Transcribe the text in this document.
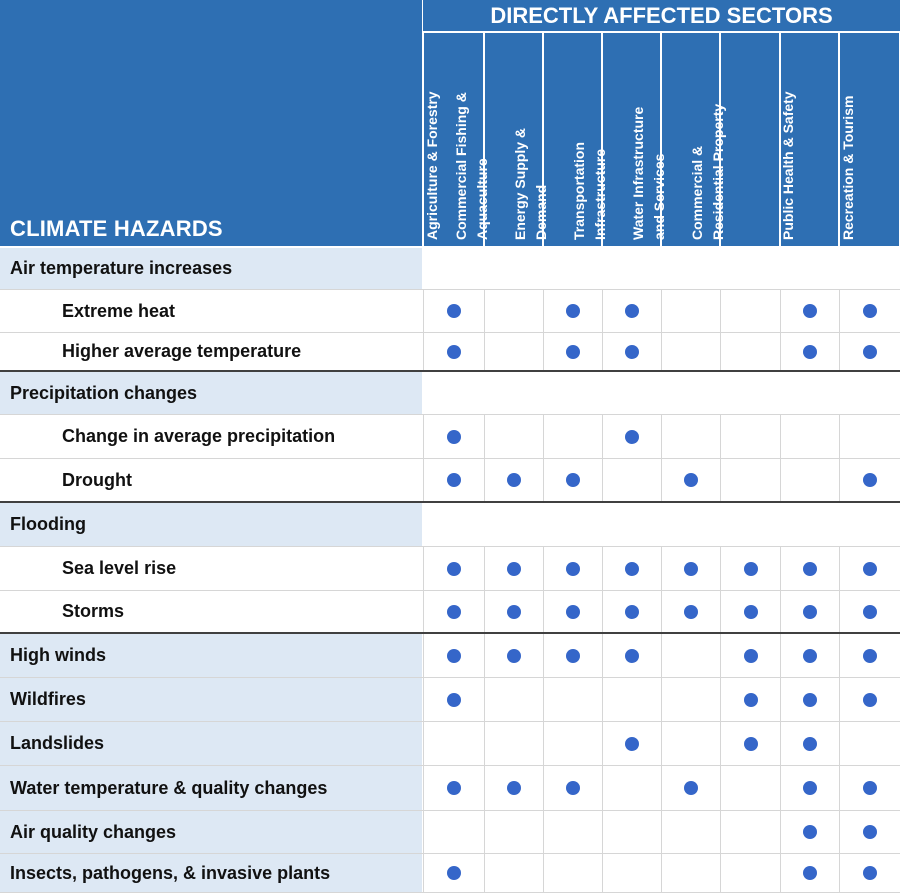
CLIMATE HAZARDS
DIRECTLY AFFECTED SECTORS
Agriculture & Forestry Commercial Fishing &
Aquaculture Energy Supply &
Demand Transportation
Infrastructure Water Infrastructure
and Services Commercial &
Residential Property	Public Health & Safety	Recreation & Tourism
Air temperature increases
Extreme heat
Higher average temperature
Precipitation changes
Change in average precipitation
Drought
Flooding
Sea level rise
Storms
High winds
Wildfires
Landslides
Water temperature & quality changes
Air quality changes
Insects, pathogens, & invasive plants
